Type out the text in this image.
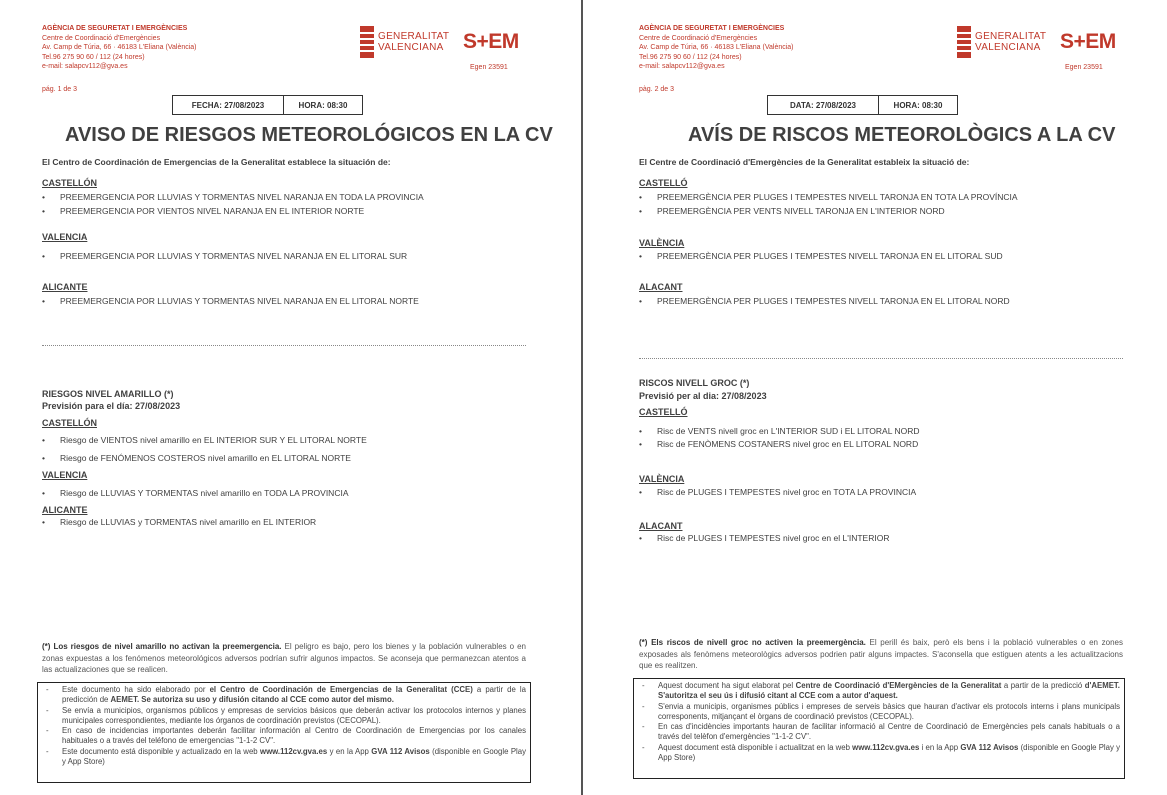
AGÈNCIA DE SEGURETAT I EMERGÈNCIES
Centre de Coordinació d'Emergències
Av. Camp de Túria, 66 · 46183 L'Eliana (València)
Tel.96 275 90 60 / 112 (24 hores)
e-mail: salapcv112@gva.es
pág. 1 de 3
GENERALITAT
VALENCIANA S+EM
Egen 23591
FECHA: 27/08/2023	HORA: 08:30
AVISO DE RIESGOS METEOROLÓGICOS EN LA CV
El Centro de Coordinación de Emergencias de la Generalitat establece la situación de:
CASTELLÓN
• PREEMERGENCIA POR LLUVIAS Y TORMENTAS NIVEL NARANJA EN TODA LA PROVINCIA
• PREEMERGENCIA POR VIENTOS NIVEL NARANJA EN EL INTERIOR NORTE
VALENCIA
• PREEMERGENCIA POR LLUVIAS Y TORMENTAS NIVEL NARANJA EN EL LITORAL SUR
ALICANTE
• PREEMERGENCIA POR LLUVIAS Y TORMENTAS NIVEL NARANJA EN EL LITORAL NORTE
RIESGOS NIVEL AMARILLO (*)
Previsión para el día: 27/08/2023
CASTELLÓN
• Riesgo de VIENTOS nivel amarillo en EL INTERIOR SUR Y EL LITORAL NORTE
• Riesgo de FENÓMENOS COSTEROS nivel amarillo en EL LITORAL NORTE
VALENCIA
• Riesgo de LLUVIAS Y TORMENTAS nivel amarillo en TODA LA PROVINCIA
ALICANTE
• Riesgo de LLUVIAS y TORMENTAS nivel amarillo en EL INTERIOR
(*) Los riesgos de nivel amarillo no activan la preemergencia. El peligro es bajo, pero los bienes y la población vulnerables o en zonas expuestas a los fenómenos meteorológicos adversos podrían sufrir algunos impactos. Se aconseja que permanezcan atentos a las actualizaciones que se realicen.
- Este documento ha sido elaborado por el Centro de Coordinación de Emergencias de la Generalitat (CCE) a partir de la predicción de AEMET. Se autoriza su uso y difusión citando al CCE como autor del mismo.
- Se envía a municipios, organismos públicos y empresas de servicios básicos que deberán activar los protocolos internos y planes municipales correspondientes, mediante los órganos de coordinación previstos (CECOPAL).
- En caso de incidencias importantes deberán facilitar información al Centro de Coordinación de Emergencias por los canales habituales o a través del teléfono de emergencias "1-1-2 CV".
- Este documento está disponible y actualizado en la web www.112cv.gva.es y en la App GVA 112 Avisos (disponible en Google Play y App Store)
AGÈNCIA DE SEGURETAT I EMERGÈNCIES
Centre de Coordinació d'Emergències
Av. Camp de Túria, 66 · 46183 L'Eliana (València)
Tel.96 275 90 60 / 112 (24 hores)
e-mail: salapcv112@gva.es
pàg. 2 de 3
GENERALITAT
VALENCIANA S+EM
Egen 23591
DATA: 27/08/2023	HORA: 08:30
AVÍS DE RISCOS METEOROLÒGICS A LA CV
El Centre de Coordinació d'Emergències de la Generalitat estableix la situació de:
CASTELLÓ
• PREEMERGÈNCIA PER PLUGES I TEMPESTES NIVELL TARONJA EN TOTA LA PROVÍNCIA
• PREEMERGÈNCIA PER VENTS NIVELL TARONJA EN L'INTERIOR NORD
VALÈNCIA
• PREEMERGÈNCIA PER PLUGES I TEMPESTES NIVELL TARONJA EN EL LITORAL SUD
ALACANT
• PREEMERGÈNCIA PER PLUGES I TEMPESTES NIVELL TARONJA EN EL LITORAL NORD
RISCOS NIVELL GROC (*)
Previsió per al dia: 27/08/2023
CASTELLÓ
• Risc de VENTS nivell groc en L'INTERIOR SUD i EL LITORAL NORD
• Risc de FENÒMENS COSTANERS nivel groc en EL LITORAL NORD
VALÈNCIA
• Risc de PLUGES I TEMPESTES nivel groc en TOTA LA PROVINCIA
ALACANT
• Risc de PLUGES I TEMPESTES nivel groc en el L'INTERIOR
(*) Els riscos de nivell groc no activen la preemergència. El perill és baix, però els bens i la població vulnerables o en zones exposades als fenòmens meteorològics adversos podrien patir alguns impactes. S'aconsella que estiguen atents a les actualitzacions que es realitzen.
- Aquest document ha sigut elaborat pel Centre de Coordinació d'EMergències de la Generalitat a partir de la predicció d'AEMET. S'autoritza el seu ús i difusió citant al CCE com a autor d'aquest.
- S'envia a municipis, organismes públics i empreses de serveis bàsics que hauran d'activar els protocols interns i plans municipals corresponents, mitjançant el òrgans de coordinació previstos (CECOPAL).
- En cas d'incidències importants hauran de facilitar informació al Centre de Coordinació de Emergències pels canals habituals o a través del telèfon d'emergències "1-1-2 CV".
- Aquest document està disponible i actualitzat en la web www.112cv.gva.es i en la App GVA 112 Avisos (disponible en Google Play y App Store)
